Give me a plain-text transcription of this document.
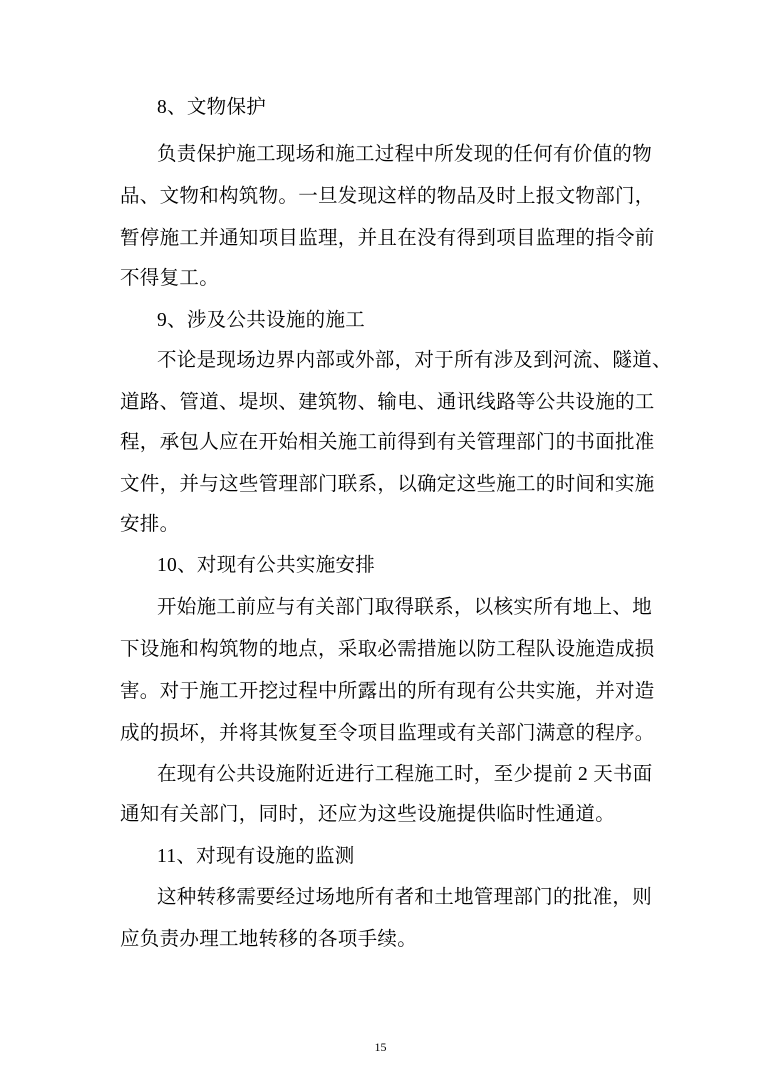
8、文物保护
负责保护施工现场和施工过程中所发现的任何有价值的物
品、文物和构筑物。一旦发现这样的物品及时上报文物部门，
暂停施工并通知项目监理，并且在没有得到项目监理的指令前
不得复工。
9、涉及公共设施的施工
不论是现场边界内部或外部，对于所有涉及到河流、隧道、
道路、管道、堤坝、建筑物、输电、通讯线路等公共设施的工
程，承包人应在开始相关施工前得到有关管理部门的书面批准
文件，并与这些管理部门联系，以确定这些施工的时间和实施
安排。
10、对现有公共实施安排
开始施工前应与有关部门取得联系，以核实所有地上、地
下设施和构筑物的地点，采取必需措施以防工程队设施造成损
害。对于施工开挖过程中所露出的所有现有公共实施，并对造
成的损坏，并将其恢复至令项目监理或有关部门满意的程序。
在现有公共设施附近进行工程施工时，至少提前 2 天书面
通知有关部门，同时，还应为这些设施提供临时性通道。
11、对现有设施的监测
这种转移需要经过场地所有者和土地管理部门的批准，则
应负责办理工地转移的各项手续。
15
